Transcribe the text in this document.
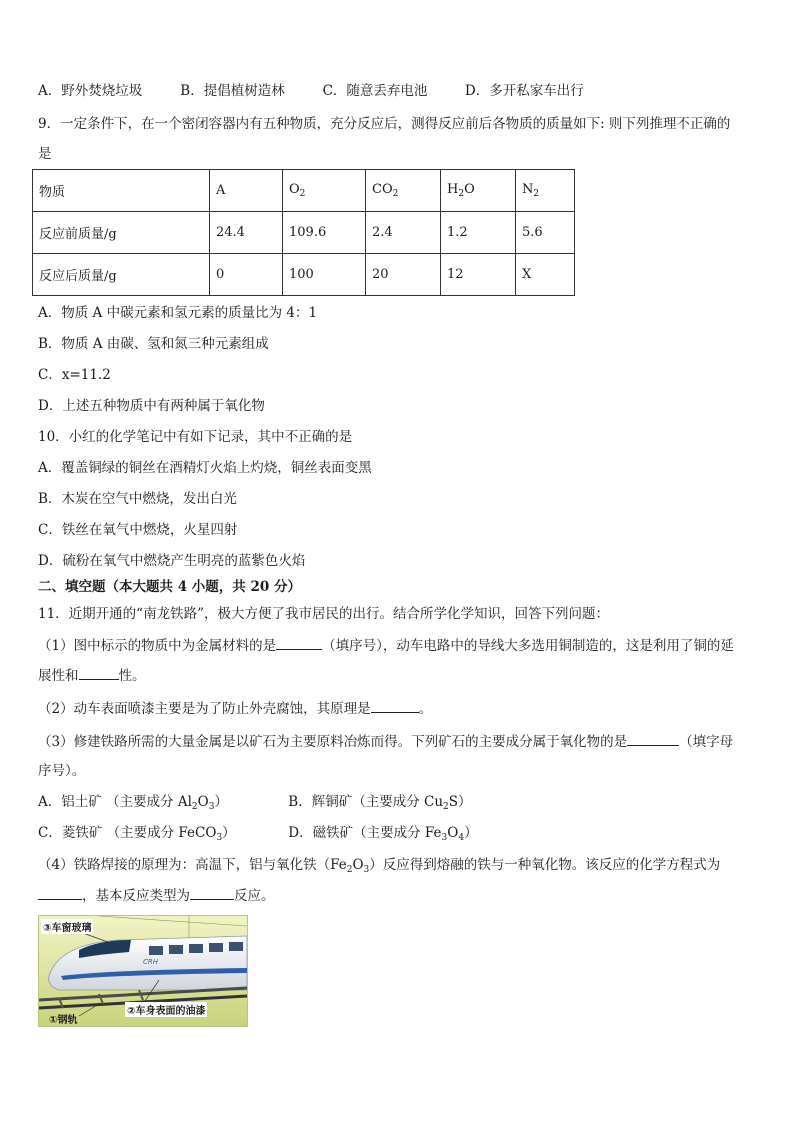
A．野外焚烧垃圾	B．提倡植树造林	C．随意丢弃电池	D．多开私家车出行
9．一定条件下，在一个密闭容器内有五种物质，充分反应后，测得反应前后各物质的质量如下: 则下列推理不正确的
是
物质	A	$O_2$	$CO_2$	$H_2O$	$N_2$
反应前质量/g	24.4	109.6	2.4	1.2	5.6
反应后质量/g	0	100	20	12	X
A．物质 A 中碳元素和氢元素的质量比为 4：1
B．物质 A 由碳、氢和氮三种元素组成
C．x=11.2
D．上述五种物质中有两种属于氧化物
10．小红的化学笔记中有如下记录，其中不正确的是
A．覆盖铜绿的铜丝在酒精灯火焰上灼烧，铜丝表面变黑
B．木炭在空气中燃烧，发出白光
C．铁丝在氧气中燃烧，火星四射
D．硫粉在氧气中燃烧产生明亮的蓝紫色火焰
二、填空题（本大题共 4 小题，共 20 分）
11．近期开通的“南龙铁路”，极大方便了我市居民的出行。结合所学化学知识，回答下列问题：
（1）图中标示的物质中为金属材料的是	（填序号），动车电路中的导线大多选用铜制造的，这是利用了铜的延
展性和	性。
（2）动车表面喷漆主要是为了防止外壳腐蚀，其原理是	。
（3）修建铁路所需的大量金属是以矿石为主要原料冶炼而得。下列矿石的主要成分属于氧化物的是	（填字母
序号）。
A．铝土矿 （主要成分 Al2O3）	B．辉铜矿（主要成分 Cu2S）
C．菱铁矿 （主要成分 FeCO3）	D．磁铁矿（主要成分 Fe3O4）
（4）铁路焊接的原理为：高温下，铝与氧化铁$(Fe_2O_3)$反应得到熔融的铁与一种氧化物。该反应的化学方程式为
，基本反应类型为	反应。
CRH
③车窗玻璃
①钢轨
②车身表面的油漆
